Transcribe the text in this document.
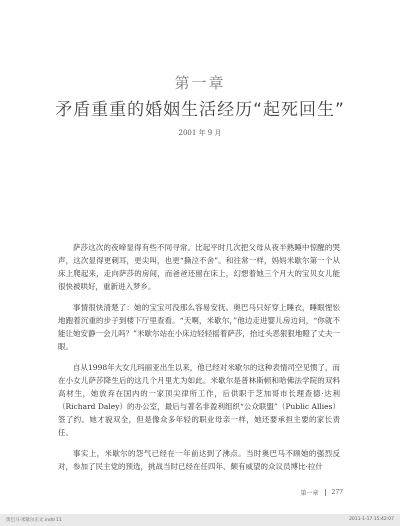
第一章
矛盾重重的婚姻生活经历“起死回生”
2001 年 9 月

萨莎这次的夜啼显得有些不同寻常。比起平时几次把父母从夜半熟睡中惊醒的哭声，这次显得更刺耳，更尖叫，也更“撕泣不舍”。和往常一样，妈妈米歇尔第一个从床上爬起来，走向萨莎的房间，而爸爸还留在床上，幻想着她三个月大的宝贝女儿能很快被哄好，重新进入梦乡。

事情很快清楚了：她的宝宝可没那么容易安抚。奥巴马只好穿上睡衣，睡眼惺忪地跑着沉重的步子到楼下厅里查看。“天啊，米歇尔，”他边走进婴儿房边问，“你就不能让她安静一会儿吗？”米歇尔站在小床边轻轻摇着萨莎，抬过头恶狠狠地瞪了丈夫一眼。

自从1998年大女儿玛丽亚出生以来，他已经对米歇尔的这种表情司空见惯了，而在小女儿萨莎降生后的这几个月里尤为如此。米歇尔是普林斯顿和哈佛法学院的双料高材生，她放弃在国内的一家顶尖律所工作，后供职于芝加哥市长理查德·达利（Richard Daley）的办公室，最后与著名非盈利组织“公众联盟”（Public Allies）签了约。她才貌双全，但是像众多年轻的职业母亲一样，她还要承担主要的家长责任。

事实上，米歇尔的怨气已经在一年前达到了沸点。当时奥巴马不顾她的强烈反对，参加了民主党的预选，挑战当时已经在任四年、颇有威望的众议员博比·拉什

第一章 277
奥巴马·米歇尔正文.indd 11	2011-1-17 15:42:07
